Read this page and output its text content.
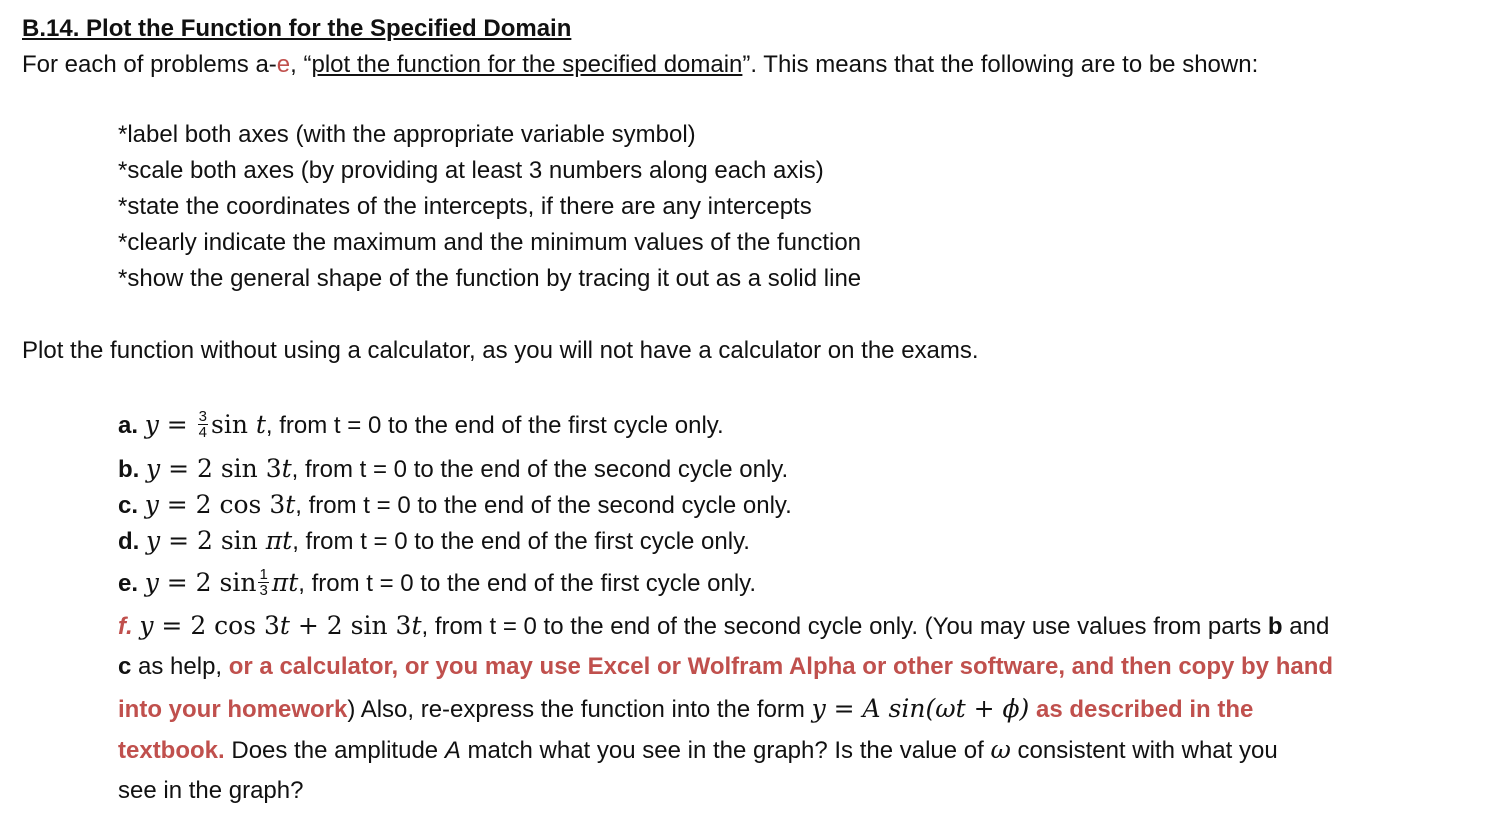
B.14. Plot the Function for the Specified Domain
For each of problems a-e, “plot the function for the specified domain”. This means that the following are to be shown:
*label both axes (with the appropriate variable symbol)
*scale both axes (by providing at least 3 numbers along each axis)
*state the coordinates of the intercepts, if there are any intercepts
*clearly indicate the maximum and the minimum values of the function
*show the general shape of the function by tracing it out as a solid line
Plot the function without using a calculator, as you will not have a calculator on the exams.
a. $y = \frac{3}{4}$ sin t, from t = 0 to the end of the first cycle only.
b. y = 2 sin 3t, from t = 0 to the end of the second cycle only.
c. y = 2 cos 3t, from t = 0 to the end of the second cycle only.
d. y = 2 sin πt, from t = 0 to the end of the first cycle only.
e. y = 2 $\sin \frac{1}{3} \pi t$, from t = 0 to the end of the first cycle only.
f. y = 2 cos 3t + 2 sin 3t, from t = 0 to the end of the second cycle only. (You may use values from parts b and
c as help, or a calculator, or you may use Excel or Wolfram Alpha or other software, and then copy by hand
into your homework) Also, re-express the function into the form y = A sin(ωt + ϕ) as described in the
textbook. Does the amplitude A match what you see in the graph? Is the value of ω consistent with what you
see in the graph?
